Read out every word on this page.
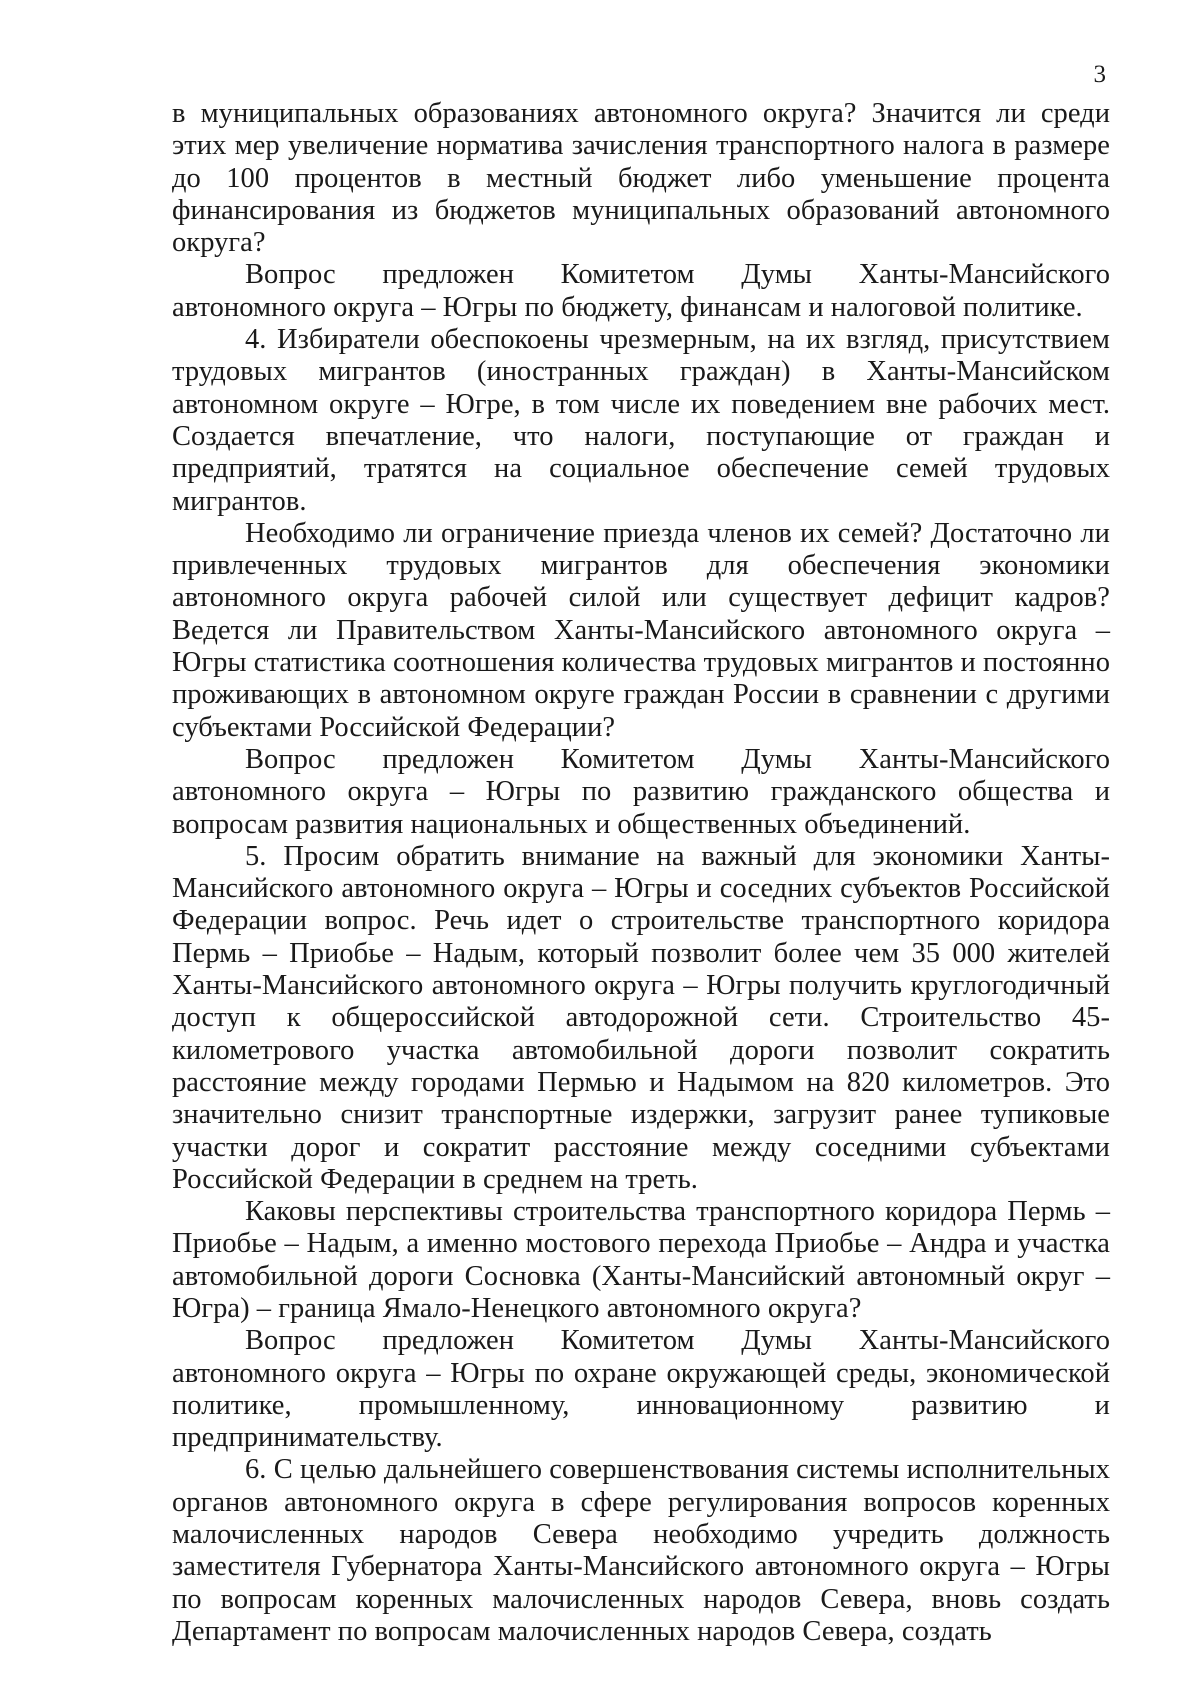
3

в муниципальных образованиях автономного округа? Значится ли среди этих мер увеличение норматива зачисления транспортного налога в размере до 100 процентов в местный бюджет либо уменьшение процента финансирования из бюджетов муниципальных образований автономного округа?

Вопрос предложен Комитетом Думы Ханты-Мансийского автономного округа – Югры по бюджету, финансам и налоговой политике.

4. Избиратели обеспокоены чрезмерным, на их взгляд, присутствием трудовых мигрантов (иностранных граждан) в Ханты-Мансийском автономном округе – Югре, в том числе их поведением вне рабочих мест. Создается впечатление, что налоги, поступающие от граждан и предприятий, тратятся на социальное обеспечение семей трудовых мигрантов.

Необходимо ли ограничение приезда членов их семей? Достаточно ли привлеченных трудовых мигрантов для обеспечения экономики автономного округа рабочей силой или существует дефицит кадров? Ведется ли Правительством Ханты-Мансийского автономного округа – Югры статистика соотношения количества трудовых мигрантов и постоянно проживающих в автономном округе граждан России в сравнении с другими субъектами Российской Федерации?

Вопрос предложен Комитетом Думы Ханты-Мансийского автономного округа – Югры по развитию гражданского общества и вопросам развития национальных и общественных объединений.

5. Просим обратить внимание на важный для экономики Ханты-Мансийского автономного округа – Югры и соседних субъектов Российской Федерации вопрос. Речь идет о строительстве транспортного коридора Пермь – Приобье – Надым, который позволит более чем 35 000 жителей Ханты-Мансийского автономного округа – Югры получить круглогодичный доступ к общероссийской автодорожной сети. Строительство 45-километрового участка автомобильной дороги позволит сократить расстояние между городами Пермью и Надымом на 820 километров. Это значительно снизит транспортные издержки, загрузит ранее тупиковые участки дорог и сократит расстояние между соседними субъектами Российской Федерации в среднем на треть.

Каковы перспективы строительства транспортного коридора Пермь – Приобье – Надым, а именно мостового перехода Приобье – Андра и участка автомобильной дороги Сосновка (Ханты-Мансийский автономный округ – Югра) – граница Ямало-Ненецкого автономного округа?

Вопрос предложен Комитетом Думы Ханты-Мансийского автономного округа – Югры по охране окружающей среды, экономической политике, промышленному, инновационному развитию и предпринимательству.

6. С целью дальнейшего совершенствования системы исполнительных органов автономного округа в сфере регулирования вопросов коренных малочисленных народов Севера необходимо учредить должность заместителя Губернатора Ханты-Мансийского автономного округа – Югры по вопросам коренных малочисленных народов Севера, вновь создать Департамент по вопросам малочисленных народов Севера, создать
